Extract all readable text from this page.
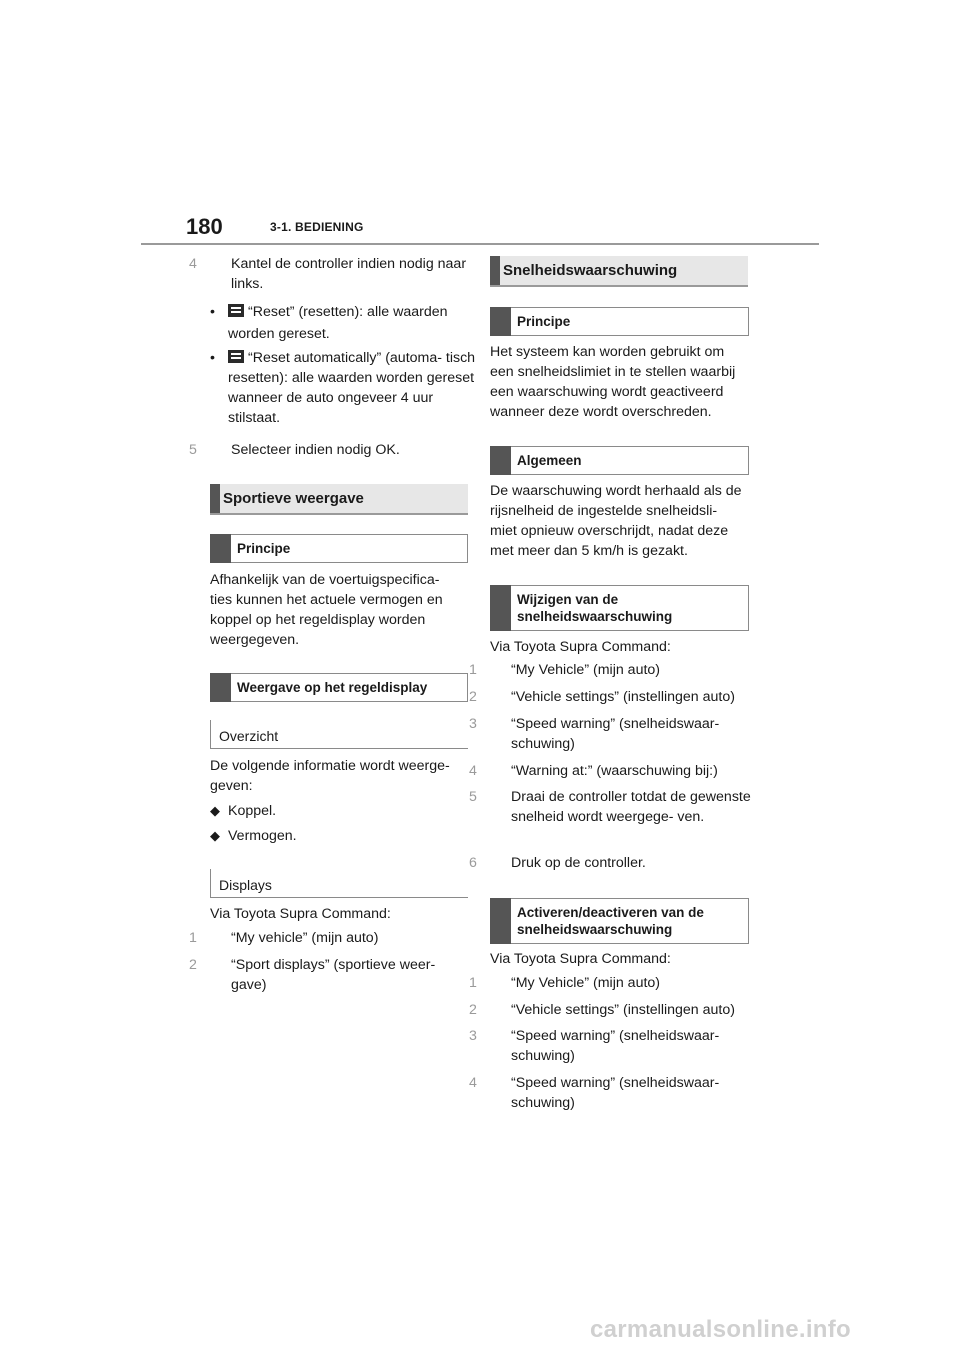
180	3-1. BEDIENING
4 Kantel de controller indien nodig naar links.
• “Reset” (resetten): alle waarden worden gereset.
• “Reset automatically” (automa- tisch resetten): alle waarden worden gereset wanneer de auto ongeveer 4 uur stilstaat.
5 Selecteer indien nodig OK.
Sportieve weergave
Principe

Afhankelijk van de voertuigspecifica- ties kunnen het actuele vermogen en koppel op het regeldisplay worden weergegeven.

Weergave op het regeldisplay
Overzicht

De volgende informatie wordt weerge- geven:

◆ Koppel.
◆ Vermogen.
Displays

Via Toyota Supra Command:

1 “My vehicle” (mijn auto)
2 “Sport displays” (sportieve weer- gave)
Snelheidswaarschuwing
Principe

Het systeem kan worden gebruikt om een snelheidslimiet in te stellen waarbij een waarschuwing wordt geactiveerd wanneer deze wordt overschreden.

Algemeen

De waarschuwing wordt herhaald als de rijsnelheid de ingestelde snelheidsli- miet opnieuw overschrijdt, nadat deze met meer dan 5 km/h is gezakt.

Wijzigen van de snelheidswaarschuwing

Via Toyota Supra Command:

1 “My Vehicle” (mijn auto)
2 “Vehicle settings” (instellingen auto)
3 “Speed warning” (snelheidswaar- schuwing)
4 “Warning at:” (waarschuwing bij:)
5 Draai de controller totdat de gewenste snelheid wordt weergege- ven.
6 Druk op de controller.
Activeren/deactiveren van de snelheidswaarschuwing

Via Toyota Supra Command:

1 “My Vehicle” (mijn auto)
2 “Vehicle settings” (instellingen auto)
3 “Speed warning” (snelheidswaar- schuwing)
4 “Speed warning” (snelheidswaar- schuwing)
carmanualsonline.info
